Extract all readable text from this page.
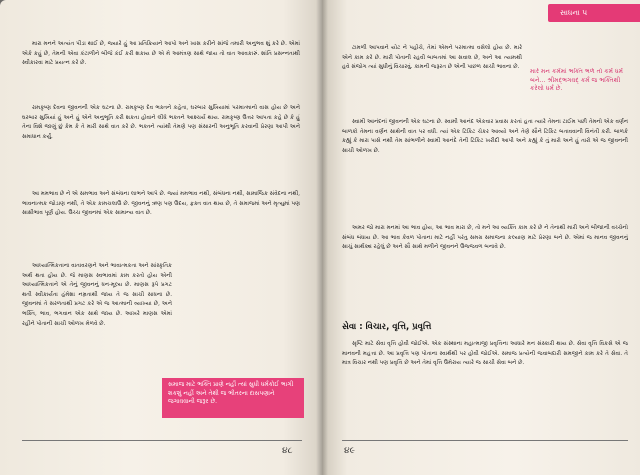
મારા મનને અત્યંત પીડા થાઈ છે, જ્યારે હું આ પ્રતિક્રિયાને આપો અને ખાસ કરીને સાંજે તમારી અનુભવ શું કરે છે. એમાં એકે કહું છે, તેમની એવા કંટાળીને બીજે કંઈ કરી શકાય છે એ મે આમંત્રણ સાથે જાય તો વાત આવકારું. શાંતિ પ્રસન્નતાથી સ્વીકારવા માટે પ્રયત્ન કરે છે.

રામકૃષ્ણ દેવના જીવનની એક ઘટના છે. રામકૃષ્ણ દેવ ભક્તને કહેતા, ઘરબાર સુખિયામાં પરમાત્માનો વાસ હોય છે અને ઘરબાર સુખિયાં હું અને હું એને અનુભૂતિ કરી શકતા હોવાને લીધે ભક્તને આશ્ચર્ય થાય. રામકૃષ્ણ ઉત્તર આપતા કહે છે કે હું તેના વિશે જાણું છું કેમ કે તે મારી સાથે વાત કરે છે. ભક્તને ત્યાંથી તેમણે પણ સંસારની અનુભૂતિ કરવાની પ્રેરણા આપી અને સમાધાન કર્યું.

આ મમભાવ છે ને એ સમભાવ અને સંબંધના લાભને આપે છે. જ્યાં મમભાવ નથી, સંબંધના નથી, સામાજિક સંવેદના નથી, ભાવનાત્મક જોડાણ નથી, તે એક કામચલાઉ છે. જીવનનું ઋણ પણ ઉદય, ફક્ત વાત થાય છે, તે સમાજમાં અને મૃત્યુમાં પણ સાક્ષીભાવ પૂર્ણ હોય. ઉચ્ચ જીવનમાં એક સામાન્ય વાત છે.

આધ્યાત્મિકતાના વાતાવરણને અને ભાવાત્મકતા અને સાંસ્કૃતિક અર્થ થતા હોય છે. જે માણસ સ્વભાવમાં કામ કરતો હોય એની આધ્યાત્મિકતાને એ તેનું જીવનનું ધન-મૂલ્ય છે. માણસ રૂપે પ્રગટ થતી સ્વીકાર્યતા હંમેશા નમ્રતાથી જાય તે જ સાચી સાધના છે. જીવનમાં તે સરળતાથી પ્રગટ કરે એ જ આત્માની વ્યાખ્યા છે, અને ભક્તિ, ભાવ, ભગવાન એક સાથે જાય છે. આખરે માણસ એમાં રહીને પોતાની સાચી ઓળખ મેળવે છે.

સમાજ માટે ભક્તિ પ્રાણે નહીં ત્યાં સુધી ધર્મકોઈ ભાગી શકશું નહીં અને તેથી જ ભીતરના દાસપણાને જગાવવાની જરૂર છે.
૪૮
સાધના પ

ટામળી આપવાને યોટ ને પહોંચે, તેમાં એમને પરમાત્મા વસેલો હોય છે. મારે એને કામ કરે છે. મારી પોતાની રહવી બાબતમાં આ સવાલ છે, અને આ ત્યામથી હવે સંજોગ ત્યાં સુધીનું વિચારવું. કામની જરૂરત છે એની પાછળ સાચી ભાવના છે.

મારે મન કર્મમાં ભક્તિ ભળે તો કર્મ ધર્મ બને... શ્રીમદ્ભગવદ્ કર્મ જ ભક્તિથી કરેલો ધર્મ છે.

સ્વામી આનંદનાં જીવનની એક ઘટના છે. સ્વામી આનંદ એકવાર પ્રવાસ કરતાં હતા ત્યારે તેમના ટાઈમ પછી તેમનો એક વર્ણન બાળકો તેમના વર્ણન સાથેની વાત પર વધી. ત્યાં એક ટિકિટ ચેકર આવ્યો અને તેણે સૌને ટિકિટ બતાવવાની વિનંતી કરી. બાળકે કહ્યું કે મારા પાસે નથી તેમ સાંભળીને સ્વામી આનંદે તેની ટિકિટ ખરીદી આપી અને કહ્યું કે તું મારો અને હું તારો એ જ જીવનની સાચી ઓળખ છે.

અમર જો મારા મનમાં આ ભાવ હોય, આ ભાવ મારા છે, તો મને આ વ્યક્તિ કામ કરે છે ને તેનાથી મારી અને બીજાની વચ્ચેનો સંબંધ બંધાય છે. આ ભાવ કેવળ પોતાના માટે નહીં પરંતુ સમગ્ર સમાજના કલ્યાણ માટે પ્રેરણા બને છે. એમાં જ માનવ જીવનનું સાચું સાર્થક્ય રહેલું છે અને સૌ સાથે મળીને જીવનને ઉજ્જવળ બનાવે છે.

સેવા : વિચાર, વૃત્તિ, પ્રવૃત્તિ

સૃષ્ટિ માટે સેવા વૃત્તિ હોવી જોઈએ. એક સંસ્થાના મહાત્માજી પ્રવૃત્તિના આધારે મન સંસ્કારી થાય છે. સેવા વૃત્તિ વિકસે એ જ માનવની મહત્તા છે. આ પ્રવૃત્તિ પણ પોતાના સ્વાર્થથી પર હોવી જોઈએ. સમાજ પ્રત્યેની જવાબદારી સમજીને કામ કરે તે સેવા. તે માત્ર વિચાર નથી પણ પ્રવૃત્તિ છે અને તેમાં વૃત્તિ ઉમેરાય ત્યારે જ સાચી સેવા બને છે.

૪૯
